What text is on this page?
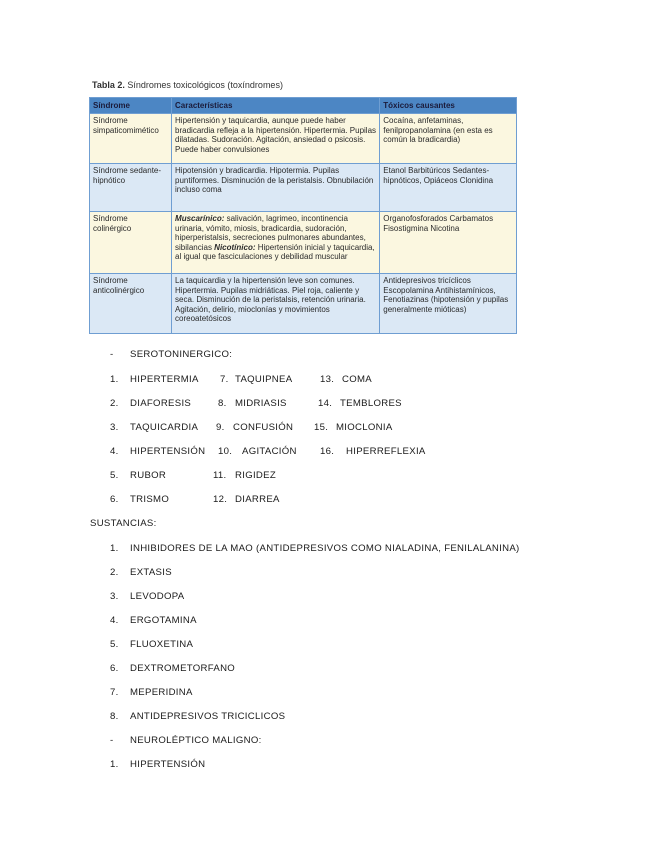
Tabla 2. Síndromes toxicológicos (toxíndromes)
Síndrome	Características	Tóxicos causantes
Síndrome simpaticomimético	Hipertensión y taquicardia, aunque puede haber bradicardia refleja a la hipertensión. Hipertermia. Pupilas dilatadas. Sudoración. Agitación, ansiedad o psicosis. Puede haber convulsiones	Cocaína, anfetaminas, fenilpropanolamina (en esta es común la bradicardia)
Síndrome sedante-hipnótico	Hipotensión y bradicardia. Hipotermia. Pupilas puntiformes. Disminución de la peristalsis. Obnubilación incluso coma	Etanol Barbitúricos Sedantes-hipnóticos, Opiáceos Clonidina
Síndrome colinérgico	Muscarínico: salivación, lagrimeo, incontinencia urinaria, vómito, miosis, bradicardia, sudoración, hiperperistalsis, secreciones pulmonares abundantes, sibilancias Nicotínico: Hipertensión inicial y taquicardia, al igual que fasciculaciones y debilidad muscular	Organofosforados Carbamatos Fisostigmina Nicotina
Síndrome anticolinérgico	La taquicardia y la hipertensión leve son comunes. Hipertermia. Pupilas midriáticas. Piel roja, caliente y seca. Disminución de la peristalsis, retención urinaria. Agitación, delirio, mioclonías y movimientos coreoatetósicos	Antidepresivos tricíclicos Escopolamina Antihistamínicos, Fenotiazinas (hipotensión y pupilas generalmente mióticas)
- SEROTONINERGICO:
1. HIPERTERMIA
2. DIAFORESIS
3. TAQUICARDIA
4. HIPERTENSIÓN
5. RUBOR
6. TRISMO
7. TAQUIPNEA
8. MIDRIASIS
9. CONFUSIÓN
10. AGITACIÓN
11. RIGIDEZ
12. DIARREA
13. COMA
14. TEMBLORES
15. MIOCLONIA
16. HIPERREFLEXIA
SUSTANCIAS:
1. INHIBIDORES DE LA MAO (ANTIDEPRESIVOS COMO NIALADINA, FENILALANINA)
2. EXTASIS
3. LEVODOPA
4. ERGOTAMINA
5. FLUOXETINA
6. DEXTROMETORFANO
7. MEPERIDINA
8. ANTIDEPRESIVOS TRICICLICOS
- NEUROLÉPTICO MALIGNO:
1. HIPERTENSIÓN
